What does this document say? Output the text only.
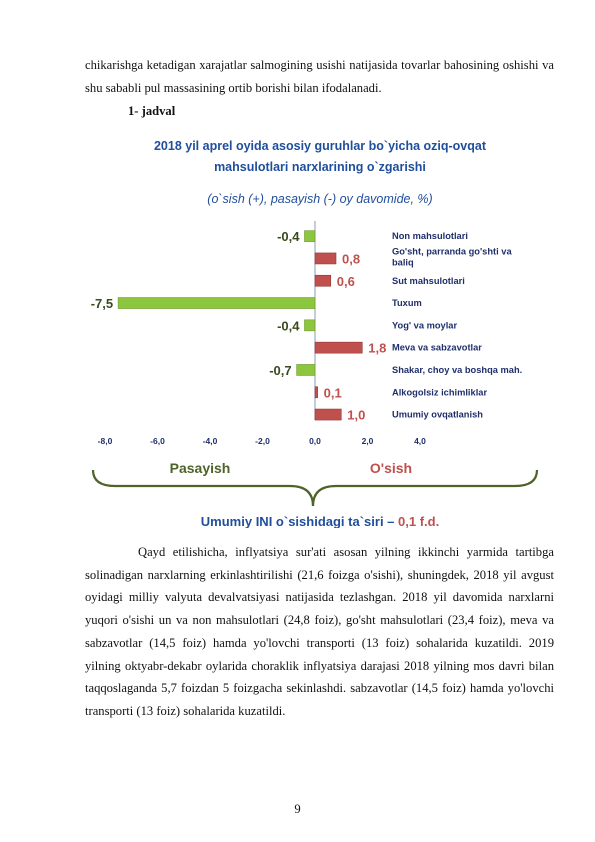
chikarishga ketadigan xarajatlar salmogining usishi natijasida tovarlar bahosining oshishi va shu sababli pul massasining ortib borishi bilan ifodalanadi.

1- jadval
2018 yil aprel oyida asosiy guruhlar bo`yicha oziq-ovqat
mahsulotlari narxlarining o`zgarishi
(o`sish (+), pasayish (-) oy davomide, %)
-0,4
0,8
0,6
-7,5
-0,4
1,8
-0,7
0,1
1,0
Non mahsulotlari
Go'sht, parranda go'shti va
baliq
Sut mahsulotlari
Tuxum
Yog' va moylar
Meva va sabzavotlar
Shakar, choy va boshqa mah.
Alkogolsiz ichimliklar
Umumiy ovqatlanish
-8,0	-6,0	-4,0	-2,0	0,0	2,0	4,0
Pasayish	O'sish
Umumiy INI o`sishidagi ta`siri – 0,1 f.d.

Qayd etilishicha, inflyatsiya sur'ati asosan yilning ikkinchi yarmida tartibga solinadigan narxlarning erkinlashtirilishi (21,6 foizga o'sishi), shuningdek, 2018 yil avgust oyidagi milliy valyuta devalvatsiyasi natijasida tezlashgan. 2018 yil davomida narxlarni yuqori o'sishi un va non mahsulotlari (24,8 foiz), go'sht mahsulotlari (23,4 foiz), meva va sabzavotlar (14,5 foiz) hamda yo'lovchi transporti (13 foiz) sohalarida kuzatildi. 2019 yilning oktyabr-dekabr oylarida choraklik inflyatsiya darajasi 2018 yilning mos davri bilan taqqoslaganda 5,7 foizdan 5 foizgacha sekinlashdi. sabzavotlar (14,5 foiz) hamda yo'lovchi transporti (13 foiz) sohalarida kuzatildi.

9
